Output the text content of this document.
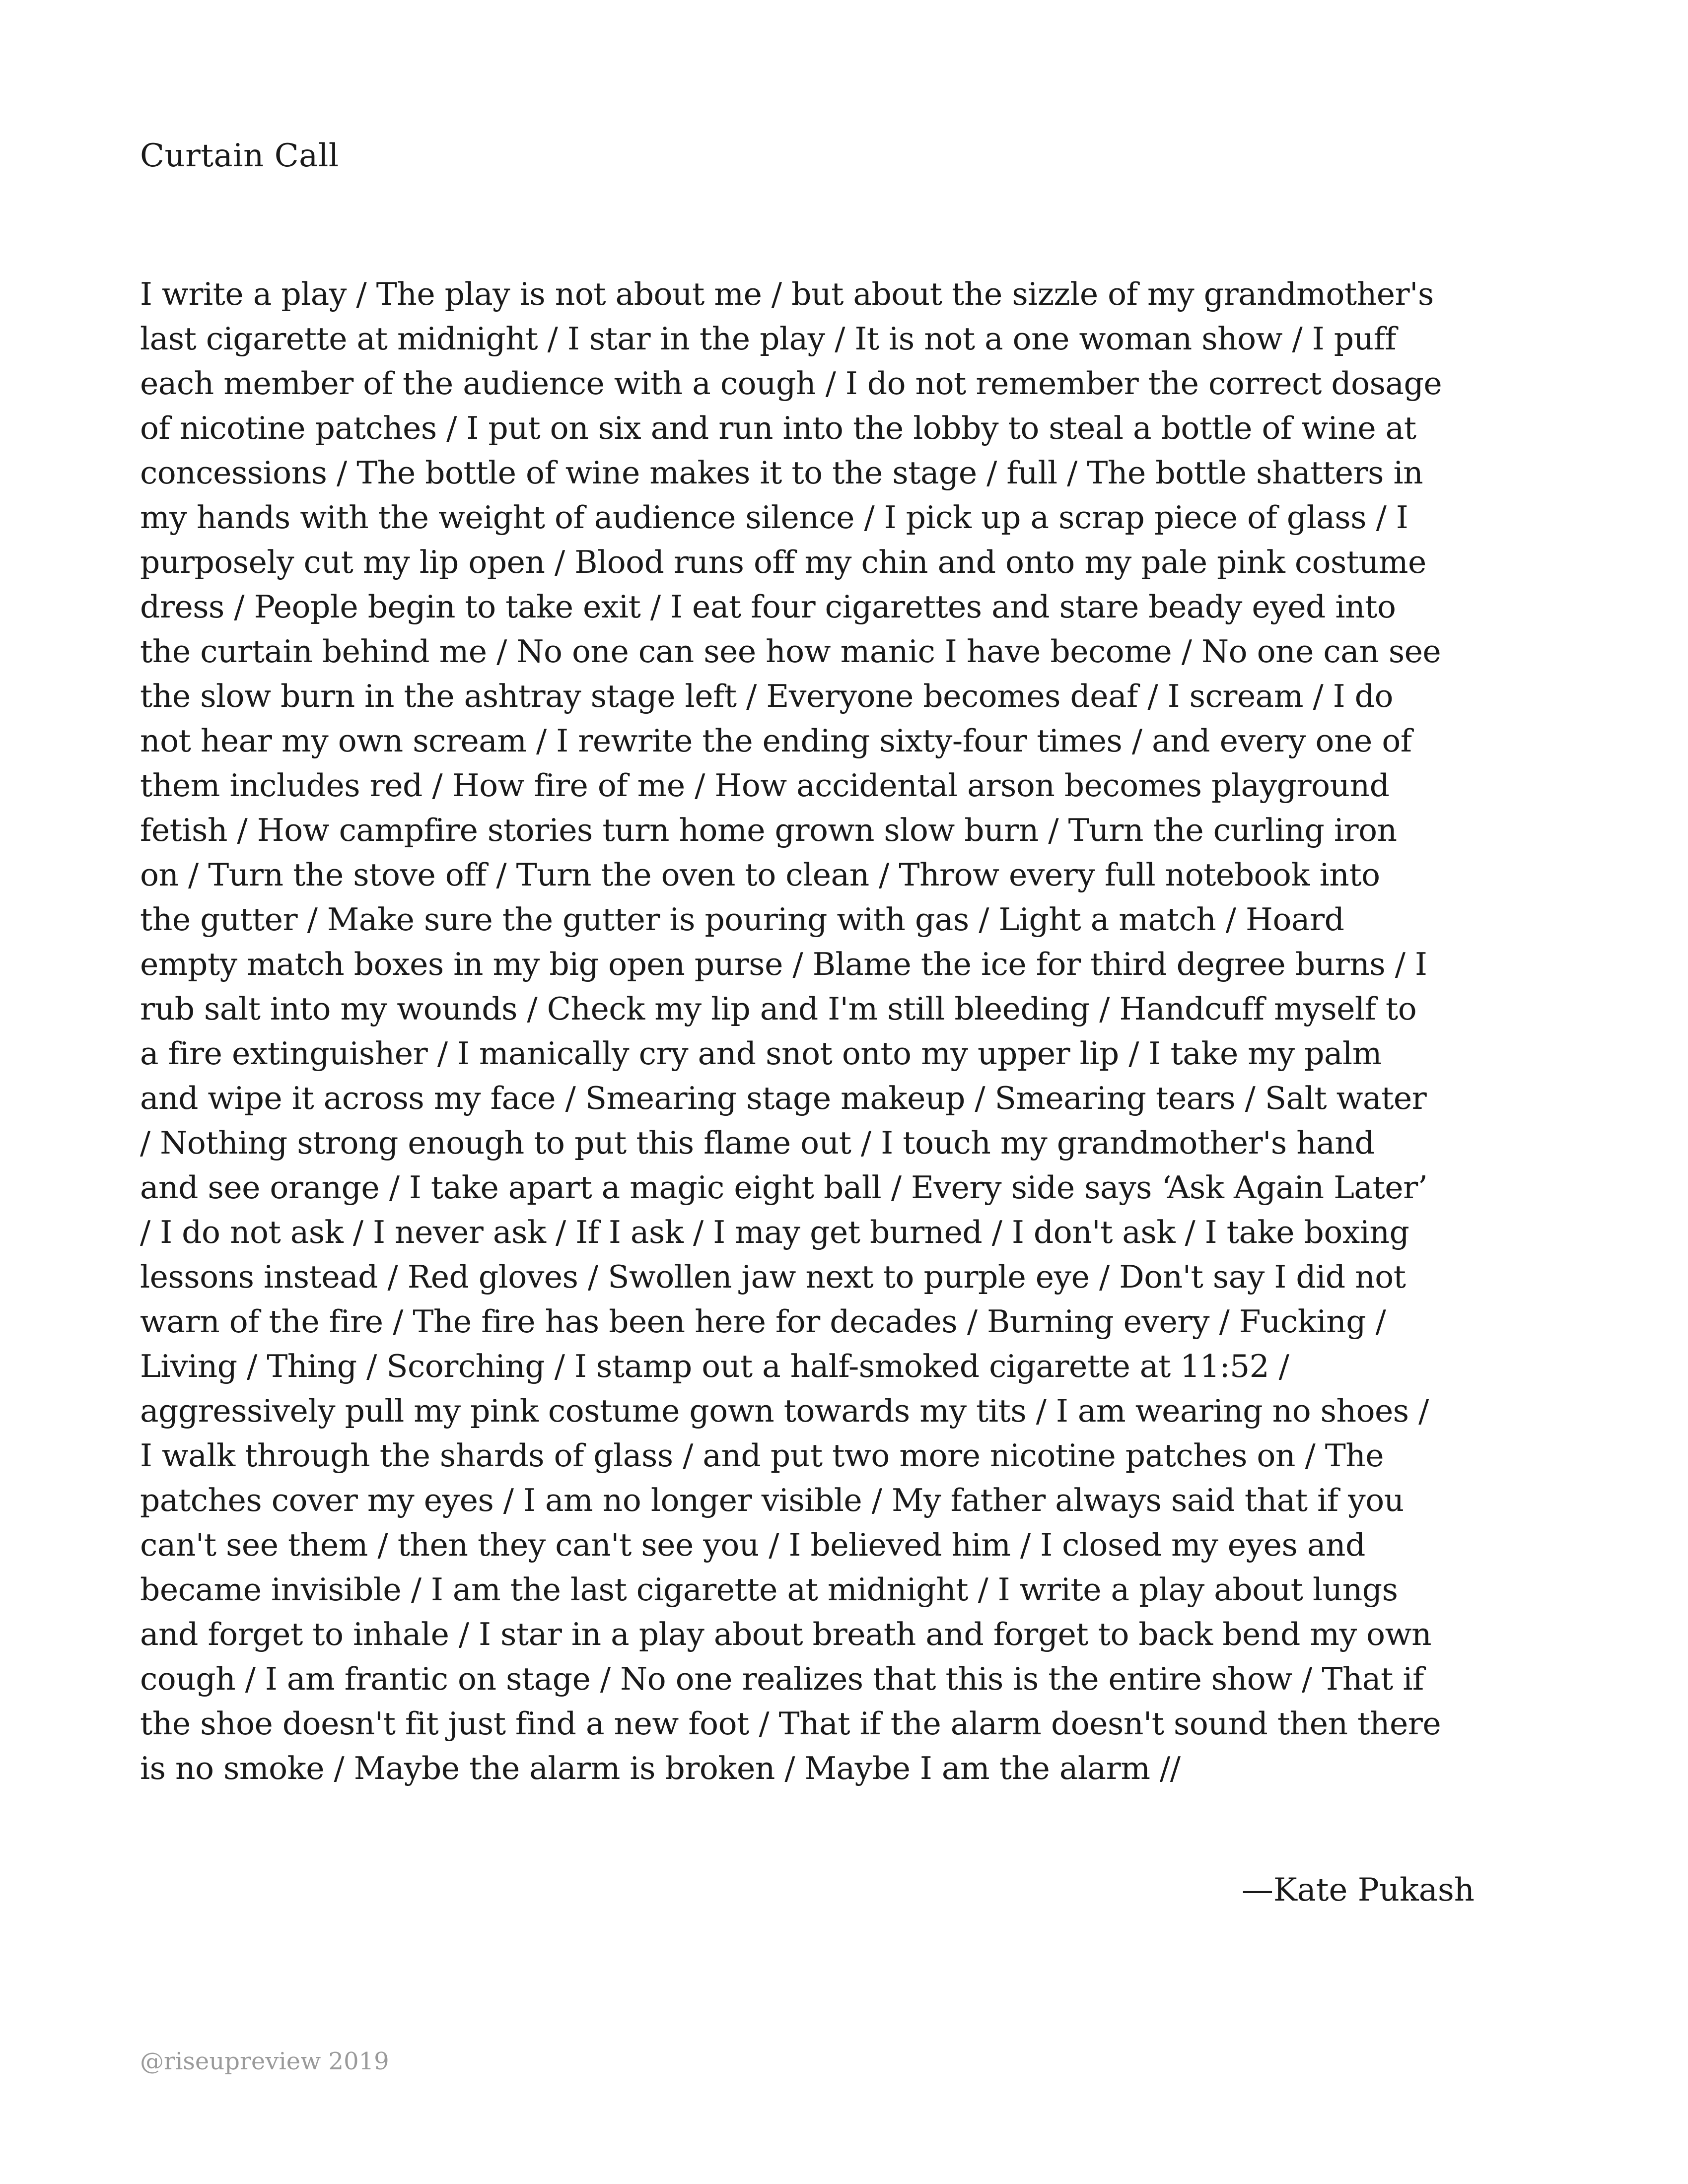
Curtain Call
I write a play / The play is not about me / but about the sizzle of my grandmother's
last cigarette at midnight / I star in the play / It is not a one woman show / I puff
each member of the audience with a cough / I do not remember the correct dosage
of nicotine patches / I put on six and run into the lobby to steal a bottle of wine at
concessions / The bottle of wine makes it to the stage / full / The bottle shatters in
my hands with the weight of audience silence / I pick up a scrap piece of glass / I
purposely cut my lip open / Blood runs off my chin and onto my pale pink costume
dress / People begin to take exit / I eat four cigarettes and stare beady eyed into
the curtain behind me / No one can see how manic I have become / No one can see
the slow burn in the ashtray stage left / Everyone becomes deaf / I scream / I do
not hear my own scream / I rewrite the ending sixty-four times / and every one of
them includes red / How fire of me / How accidental arson becomes playground
fetish / How campfire stories turn home grown slow burn / Turn the curling iron
on / Turn the stove off / Turn the oven to clean / Throw every full notebook into
the gutter / Make sure the gutter is pouring with gas / Light a match / Hoard
empty match boxes in my big open purse / Blame the ice for third degree burns / I
rub salt into my wounds / Check my lip and I'm still bleeding / Handcuff myself to
a fire extinguisher / I manically cry and snot onto my upper lip / I take my palm
and wipe it across my face / Smearing stage makeup / Smearing tears / Salt water
/ Nothing strong enough to put this flame out / I touch my grandmother's hand
and see orange / I take apart a magic eight ball / Every side says ‘Ask Again Later’
/ I do not ask / I never ask / If I ask / I may get burned / I don't ask / I take boxing
lessons instead / Red gloves / Swollen jaw next to purple eye / Don't say I did not
warn of the fire / The fire has been here for decades / Burning every / Fucking /
Living / Thing / Scorching / I stamp out a half-smoked cigarette at 11:52 /
aggressively pull my pink costume gown towards my tits / I am wearing no shoes /
I walk through the shards of glass / and put two more nicotine patches on / The
patches cover my eyes / I am no longer visible / My father always said that if you
can't see them / then they can't see you / I believed him / I closed my eyes and
became invisible / I am the last cigarette at midnight / I write a play about lungs
and forget to inhale / I star in a play about breath and forget to back bend my own
cough / I am frantic on stage / No one realizes that this is the entire show / That if
the shoe doesn't fit just find a new foot / That if the alarm doesn't sound then there
is no smoke / Maybe the alarm is broken / Maybe I am the alarm //
—Kate Pukash
@riseupreview 2019
